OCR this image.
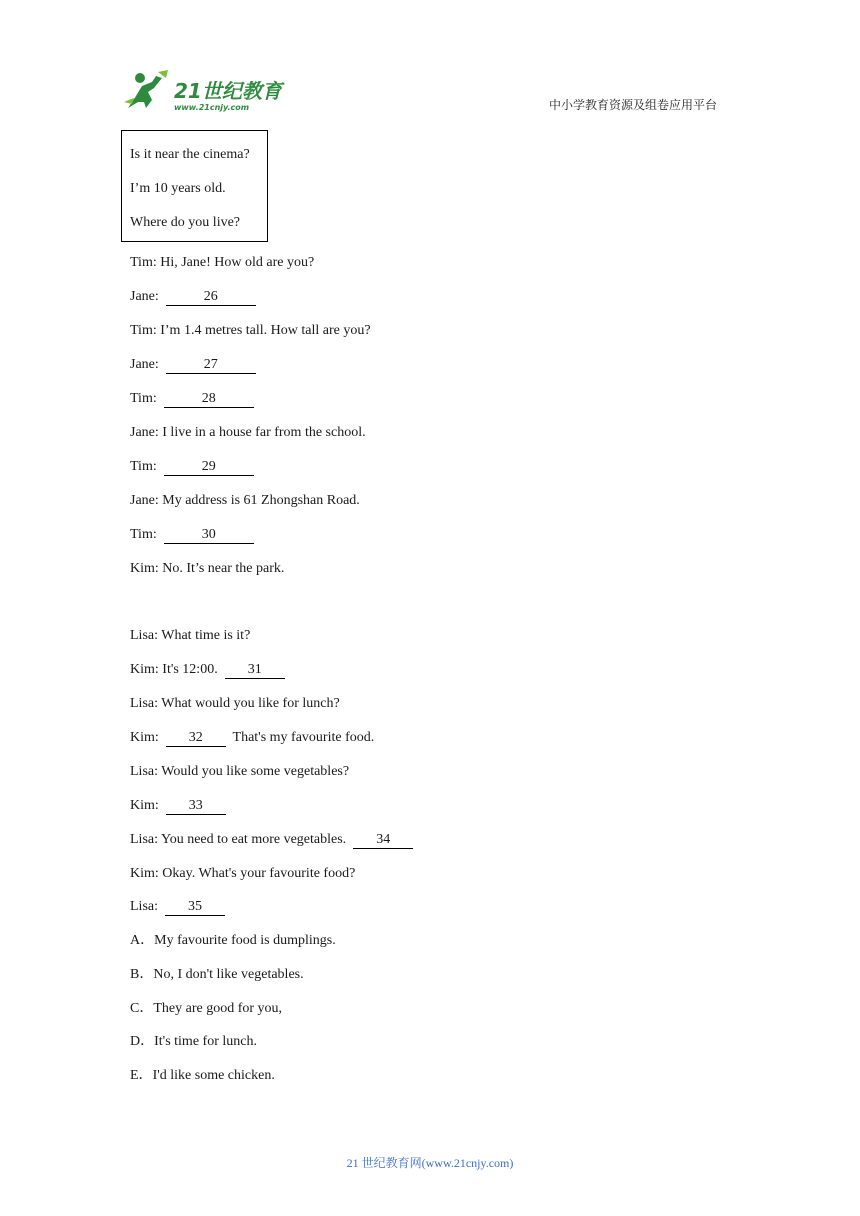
21世纪教育
www.21cnjy.com	中小学教育资源及组卷应用平台
Is it near the cinema?
I’m 10 years old.
Where do you live?
Tim: Hi, Jane! How old are you?
Jane:	26
Tim: I’m 1.4 metres tall. How tall are you?
Jane:	27
Tim:	28
Jane: I live in a house far from the school.
Tim:	29
Jane: My address is 61 Zhongshan Road.
Tim:	30
Kim: No. It’s near the park.
Lisa: What time is it?
Kim: It's 12:00.  31
Lisa: What would you like for lunch?
Kim: 32  That's my favourite food.
Lisa: Would you like some vegetables?
Kim: 33
Lisa: You need to eat more vegetables.  34
Kim: Okay. What's your favourite food?
Lisa: 35
A．My favourite food is dumplings.
B．No, I don't like vegetables.
C．They are good for you,
D．It's time for lunch.
E．I'd like some chicken.
21 世纪教育网(www.21cnjy.com)
